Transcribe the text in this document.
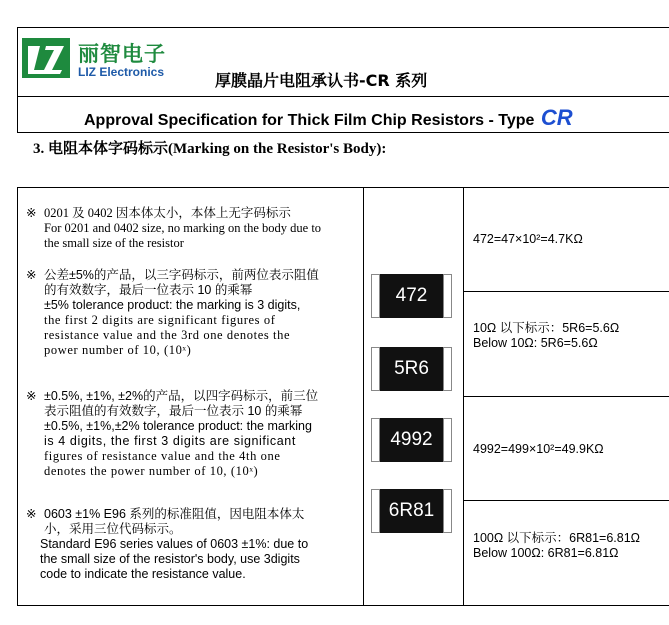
丽智电子
LIZ Electronics	厚膜晶片电阻承认书-CR 系列
Approval Specification for Thick Film Chip Resistors - Type CR
3. 电阻本体字码标示(Marking on the Resistor's Body):
※ 0201 及 0402 因本体太小，本体上无字码标示
For 0201 and 0402 size, no marking on the body due to
the small size of the resistor
※ 公差±5%的产品，以三字码标示，前两位表示阻值
的有效数字，最后一位表示 10 的乘幂
±5% tolerance product: the marking is 3 digits,
the first 2 digits are significant figures of
resistance value and the 3rd one denotes the
power number of 10, (10ˣ)
※ ±0.5%, ±1%, ±2%的产品，以四字码标示，前三位
表示阻值的有效数字，最后一位表示 10 的乘幂
±0.5%, ±1%,±2% tolerance product: the marking
is 4 digits, the first 3 digits are significant
figures of resistance value and the 4th one
denotes the power number of 10, (10ˣ)
※ 0603 ±1% E96 系列的标准阻值，因电阻本体太
小，采用三位代码标示。
Standard E96 series values of 0603 ±1%: due to
the small size of the resistor's body, use 3digits
code to indicate the resistance value.
472=47×10²=4.7KΩ
10Ω 以下标示：5R6=5.6Ω
Below 10Ω: 5R6=5.6Ω
4992=499×10²=49.9KΩ
100Ω 以下标示：6R81=6.81Ω
Below 100Ω: 6R81=6.81Ω
472
5R6
4992
6R81
